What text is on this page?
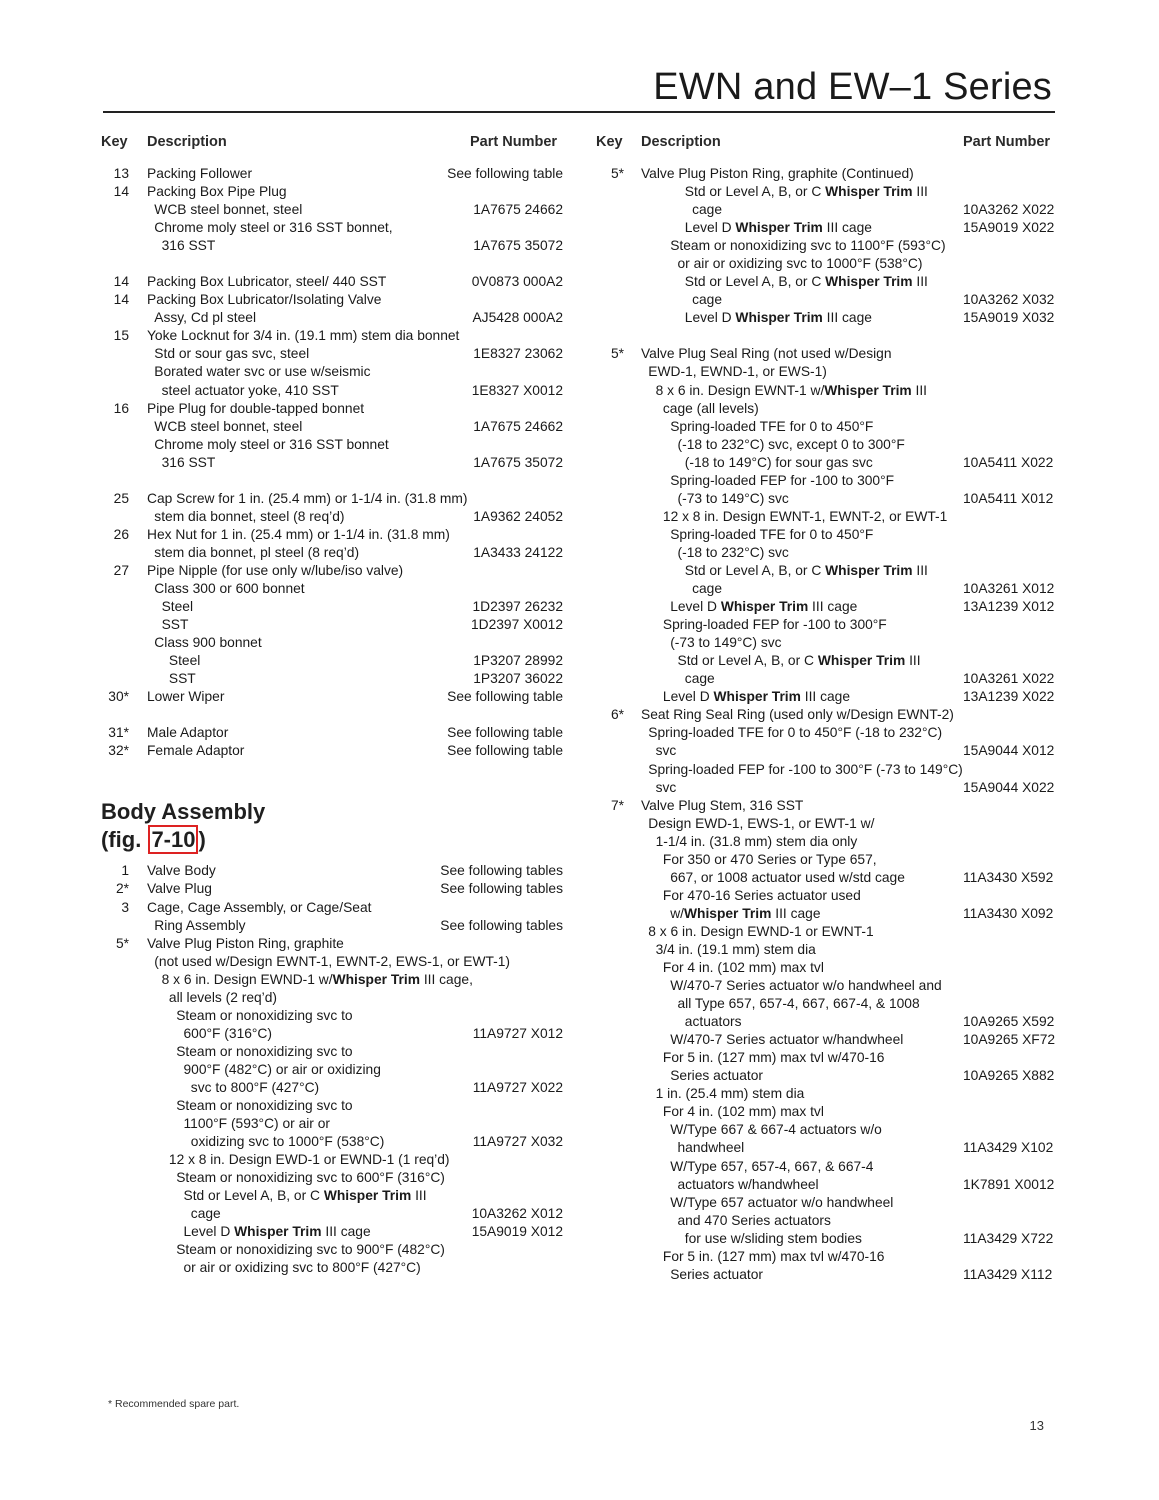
EWN and EW–1 Series
Key Description	Part Number
13 Packing Follower	See following table
14 Packing Box Pipe Plug
WCB steel bonnet, steel	1A7675 24662
Chrome moly steel or 316 SST bonnet,
316 SST	1A7675 35072
14 Packing Box Lubricator, steel/ 440 SST	0V0873 000A2
14 Packing Box Lubricator/Isolating Valve
Assy, Cd pl steel	AJ5428 000A2
15 Yoke Locknut for 3/4 in. (19.1 mm) stem dia bonnet
Std or sour gas svc, steel	1E8327 23062
Borated water svc or use w/seismic
steel actuator yoke, 410 SST	1E8327 X0012
16 Pipe Plug for double-tapped bonnet
WCB steel bonnet, steel	1A7675 24662
Chrome moly steel or 316 SST bonnet
316 SST	1A7675 35072
25 Cap Screw for 1 in. (25.4 mm) or 1-1/4 in. (31.8 mm)
stem dia bonnet, steel (8 req’d)	1A9362 24052
26 Hex Nut for 1 in. (25.4 mm) or 1-1/4 in. (31.8 mm)
stem dia bonnet, pl steel (8 req’d)	1A3433 24122
27 Pipe Nipple (for use only w/lube/iso valve)
Class 300 or 600 bonnet
Steel	1D2397 26232
SST	1D2397 X0012
Class 900 bonnet
Steel	1P3207 28992
SST	1P3207 36022
30* Lower Wiper	See following table
31* Male Adaptor	See following table
32* Female Adaptor	See following table
Body Assembly
(fig. 7-10 )
1 Valve Body	See following tables
2* Valve Plug	See following tables
3 Cage, Cage Assembly, or Cage/Seat
Ring Assembly	See following tables
5* Valve Plug Piston Ring, graphite
(not used w/Design EWNT-1, EWNT-2, EWS-1, or EWT-1)
8 x 6 in. Design EWND-1 w/Whisper Trim III cage,
all levels (2 req’d)
Steam or nonoxidizing svc to
600°F (316°C)	11A9727 X012
Steam or nonoxidizing svc to
900°F (482°C) or air or oxidizing
svc to 800°F (427°C)	11A9727 X022
Steam or nonoxidizing svc to
1100°F (593°C) or air or
oxidizing svc to 1000°F (538°C)	11A9727 X032
12 x 8 in. Design EWD-1 or EWND-1 (1 req’d)
Steam or nonoxidizing svc to 600°F (316°C)
Std or Level A, B, or C Whisper Trim III
cage	10A3262 X012
Level D Whisper Trim III cage	15A9019 X012
Steam or nonoxidizing svc to 900°F (482°C)
or air or oxidizing svc to 800°F (427°C)
Key Description	Part Number
5* Valve Plug Piston Ring, graphite (Continued)
Std or Level A, B, or C Whisper Trim III
cage	10A3262 X022
Level D Whisper Trim III cage	15A9019 X022
Steam or nonoxidizing svc to 1100°F (593°C)
or air or oxidizing svc to 1000°F (538°C)
Std or Level A, B, or C Whisper Trim III
cage	10A3262 X032
Level D Whisper Trim III cage	15A9019 X032
5* Valve Plug Seal Ring (not used w/Design
EWD-1, EWND-1, or EWS-1)
8 x 6 in. Design EWNT-1 w/Whisper Trim III
cage (all levels)
Spring-loaded TFE for 0 to 450°F
(-18 to 232°C) svc, except 0 to 300°F
(-18 to 149°C) for sour gas svc	10A5411 X022
Spring-loaded FEP for -100 to 300°F
(-73 to 149°C) svc	10A5411 X012
12 x 8 in. Design EWNT-1, EWNT-2, or EWT-1
Spring-loaded TFE for 0 to 450°F
(-18 to 232°C) svc
Std or Level A, B, or C Whisper Trim III
cage	10A3261 X012
Level D Whisper Trim III cage	13A1239 X012
Spring-loaded FEP for -100 to 300°F
(-73 to 149°C) svc
Std or Level A, B, or C Whisper Trim III
cage	10A3261 X022
Level D Whisper Trim III cage	13A1239 X022
6* Seat Ring Seal Ring (used only w/Design EWNT-2)
Spring-loaded TFE for 0 to 450°F (-18 to 232°C)
svc	15A9044 X012
Spring-loaded FEP for -100 to 300°F (-73 to 149°C)
svc	15A9044 X022
7* Valve Plug Stem, 316 SST
Design EWD-1, EWS-1, or EWT-1 w/
1-1/4 in. (31.8 mm) stem dia only
For 350 or 470 Series or Type 657,
667, or 1008 actuator used w/std cage	11A3430 X592
For 470-16 Series actuator used
w/Whisper Trim III cage	11A3430 X092
8 x 6 in. Design EWND-1 or EWNT-1
3/4 in. (19.1 mm) stem dia
For 4 in. (102 mm) max tvl
W/470-7 Series actuator w/o handwheel and
all Type 657, 657-4, 667, 667-4, & 1008
actuators	10A9265 X592
W/470-7 Series actuator w/handwheel	10A9265 XF72
For 5 in. (127 mm) max tvl w/470-16
Series actuator	10A9265 X882
1 in. (25.4 mm) stem dia
For 4 in. (102 mm) max tvl
W/Type 667 & 667-4 actuators w/o
handwheel	11A3429 X102
W/Type 657, 657-4, 667, & 667-4
actuators w/handwheel	1K7891 X0012
W/Type 657 actuator w/o handwheel
and 470 Series actuators
for use w/sliding stem bodies	11A3429 X722
For 5 in. (127 mm) max tvl w/470-16
Series actuator	11A3429 X112
* Recommended spare part.
13
